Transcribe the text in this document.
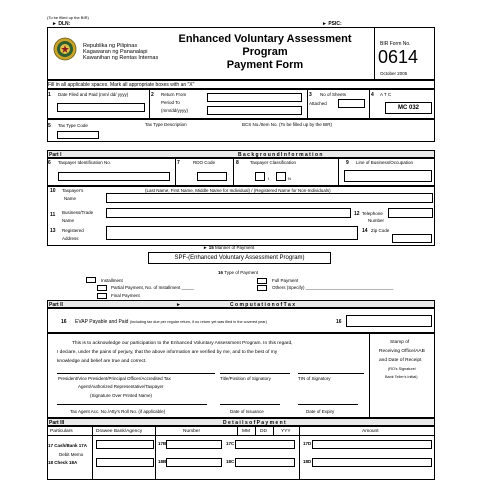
(To be filled up the BIR)
► DLN:	► PSIC:
Republika ng Pilipinas
Kagawaran ng Pananalapi
Kawanihan ng Rentas Internas
Enhanced Voluntary Assessment
Program
Payment Form
BIR Form No.
0614
October 2005
Fill in all applicable spaces. Mark all appropriate boxes with an "X"
1 Date Filed and Paid (mm/ dd/ yyyy)	2 Return From
Period To
(mm/dd/yyyy)
3 No of Sheets
Attached
4 A T C
MC 032
5 Tax Type Code	Tax Type Description	BCS No./Item No. (To be filled up by the BIR)
Part I	B a c k g r o u n d I n f o r m a t i o n
6 Taxpayer Identification No.	7	RDO Code	8 Taxpayer Classification
I	N
9 Line of Business/Occupation
10 Taxpayer's
Name
(Last Name, First Name, Middle Name for Individual) / (Registered Name for Non-Individuals)
11 Business/Trade
Name
12 Telephone
Number
13 Registered
Address
14 Zip Code
► 15 Manner of Payment
SPF-(Enhanced Voluntary Assessment Program)
16 Type of Payment
Installment
Partial Payment, No. of Installment _____
Final Payment
Full Payment
Others (Specify) ___________________________________
Part II	►	C o m p u t a t i o n o f T a x
16 EVAP Payable and Paid (including tax due per regular return, if no return yet was filed in the covered year)	16
This is to acknowledge our participation to the Enhanced Voluntary Assessment Program. In this regard,
I declare, under the pains of perjury, that the above information are verified by me, and to the best of my
knowledge and belief are true and correct.
President/Vice President/Principal Officer/Accredited Tax
Agent/Authorized Representative/Taxpayer
(Signature Over Printed Name)
Title/Position of Signatory	TIN of Signatory
Tax Agent Acc. No./Atty's Roll No. (if applicable)	Date of Issuance	Date of Expiry
Stamp of
Receiving Office/AAB
and Date of Receipt
(RO's Signature/
Bank Teller's Initial)
Part III	D e t a i l s o f P a y m e n t
Particulars	Drawee Bank/Agency	Number	MM DD	YYY	Amount
17 Cash/Bank 17A	17B	17C	17D
Debit Memo
18 Check 18A	18B	18C	18D
